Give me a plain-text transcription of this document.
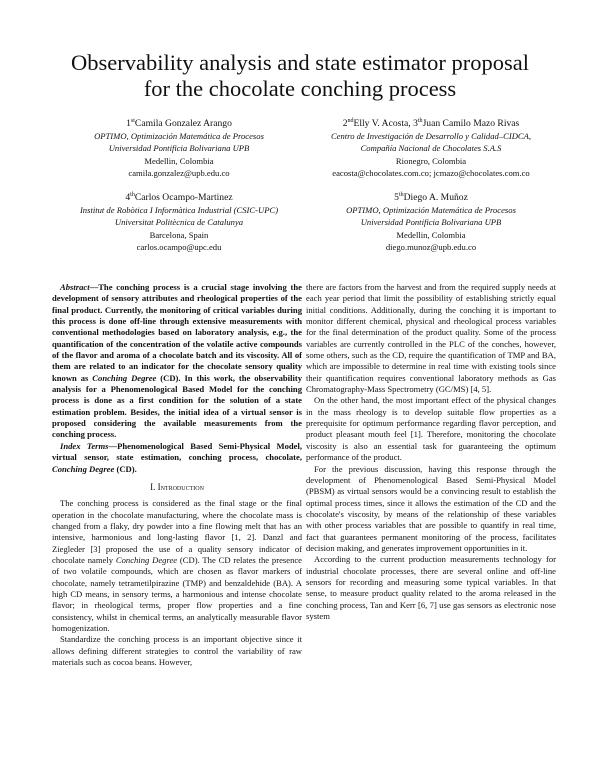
Observability analysis and state estimator proposal
for the chocolate conching process
1stCamila Gonzalez Arango
OPTIMO, Optimización Matemática de Procesos
Universidad Pontificia Bolivariana UPB
Medellin, Colombia
camila.gonzalez@upb.edu.co
2ndElly V. Acosta, 3thJuan Camilo Mazo Rivas
Centro de Investigación de Desarrollo y Calidad–CIDCA,
Compañía Nacional de Chocolates S.A.S
Rionegro, Colombia
eacosta@chocolates.com.co; jcmazo@chocolates.com.co
4thCarlos Ocampo-Martinez
Institut de Robòtica I Informàtica Industrial (CSIC-UPC)
Universitat Politècnica de Catalunya
Barcelona, Spain
carlos.ocampo@upc.edu
5thDiego A. Muñoz
OPTIMO, Optimización Matemática de Procesos
Universidad Pontificia Bolivariana UPB
Medellin, Colombia
diego.munoz@upb.edu.co

Abstract—The conching process is a crucial stage involving the development of sensory attributes and rheological properties of the final product. Currently, the monitoring of critical variables during this process is done off-line through extensive measurements with conventional methodologies based on laboratory analysis, e.g., the quantification of the concentration of the volatile active compounds of the flavor and aroma of a chocolate batch and its viscosity. All of them are related to an indicator for the chocolate sensory quality known as Conching Degree (CD). In this work, the observability analysis for a Phenomenological Based Model for the conching process is done as a first condition for the solution of a state estimation problem. Besides, the initial idea of a virtual sensor is proposed considering the available measurements from the conching process.

Index Terms—Phenomenological Based Semi-Physical Model, virtual sensor, state estimation, conching process, chocolate, Conching Degree (CD).

I. Introduction

The conching process is considered as the final stage or the final operation in the chocolate manufacturing, where the chocolate mass is changed from a flaky, dry powder into a fine flowing melt that has an intensive, harmonious and long-lasting flavor [1, 2]. Danzl and Ziegleder [3] proposed the use of a quality sensory indicator of chocolate namely Conching Degree (CD). The CD relates the presence of two volatile compounds, which are chosen as flavor markers of chocolate, namely tetrametilpirazine (TMP) and benzaldehide (BA). A high CD means, in sensory terms, a harmonious and intense chocolate flavor; in rheological terms, proper flow properties and a fine consistency, whilst in chemical terms, an analytically measurable flavor homogenization.

Standardize the conching process is an important objective since it allows defining different strategies to control the variability of raw materials such as cocoa beans. However,

there are factors from the harvest and from the required supply needs at each year period that limit the possibility of establishing strictly equal initial conditions. Additionally, during the conching it is important to monitor different chemical, physical and rheological process variables for the final determination of the product quality. Some of the process variables are currently controlled in the PLC of the conches, however, some others, such as the CD, require the quantification of TMP and BA, which are impossible to determine in real time with existing tools since their quantification requires conventional laboratory methods as Gas Chromatography-Mass Spectrometry (GC/MS) [4, 5].

On the other hand, the most important effect of the physical changes in the mass rheology is to develop suitable flow properties as a prerequisite for optimum performance regarding flavor perception, and product pleasant mouth feel [1]. Therefore, monitoring the chocolate viscosity is also an essential task for guaranteeing the optimum performance of the product.

For the previous discussion, having this response through the development of Phenomenological Based Semi-Physical Model (PBSM) as virtual sensors would be a convincing result to establish the optimal process times, since it allows the estimation of the CD and the chocolate's viscosity, by means of the relationship of these variables with other process variables that are possible to quantify in real time, fact that guarantees permanent monitoring of the process, facilitates decision making, and generates improvement opportunities in it.

According to the current production measurements technology for industrial chocolate processes, there are several online and off-line sensors for recording and measuring some typical variables. In that sense, to measure product quality related to the aroma released in the conching process, Tan and Kerr [6, 7] use gas sensors as electronic nose system
